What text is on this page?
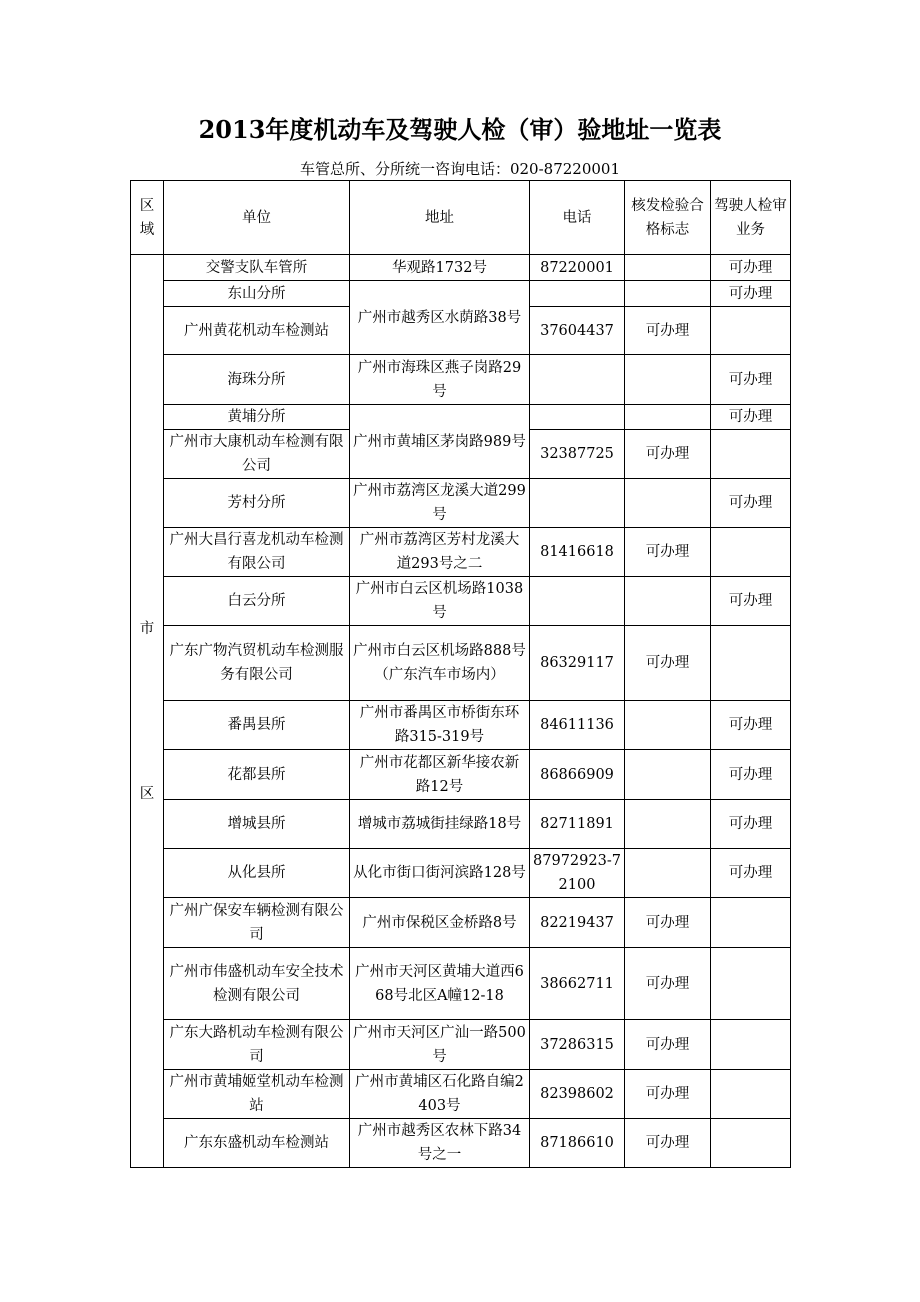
2013年度机动车及驾驶人检（审）验地址一览表
车管总所、分所统一咨询电话：020-87220001
区域	单位	地址	电话	核发检验合格标志	驾驶人检审业务

市
区	交警支队车管所	华观路1732号	87220001		可办理
	东山分所	广州市越秀区水荫路38号			可办理
	广州黄花机动车检测站		37604437	可办理	
	海珠分所	广州市海珠区燕子岗路29号			可办理
	黄埔分所	广州市黄埔区茅岗路989号			可办理
	广州市大康机动车检测有限公司		32387725	可办理	
	芳村分所	广州市荔湾区龙溪大道299号			可办理
	广州大昌行喜龙机动车检测有限公司	广州市荔湾区芳村龙溪大道293号之二	81416618	可办理	
	白云分所	广州市白云区机场路1038号			可办理
	广东广物汽贸机动车检测服务有限公司	广州市白云区机场路888号（广东汽车市场内）	86329117	可办理	
	番禺县所	广州市番禺区市桥街东环路315-319号	84611136		可办理
	花都县所	广州市花都区新华接农新路12号	86866909		可办理
	增城县所	增城市荔城街挂绿路18号	82711891		可办理
	从化县所	从化市街口街河滨路128号	87972923-72100		可办理
	广州广保安车辆检测有限公司	广州市保税区金桥路8号	82219437	可办理	
	广州市伟盛机动车安全技术检测有限公司	广州市天河区黄埔大道西668号北区A幢12-18	38662711	可办理	
	广东大路机动车检测有限公司	广州市天河区广汕一路500号	37286315	可办理	
	广州市黄埔姬堂机动车检测站	广州市黄埔区石化路自编2403号	82398602	可办理	
	广东东盛机动车检测站	广州市越秀区农林下路34号之一	87186610	可办理	
